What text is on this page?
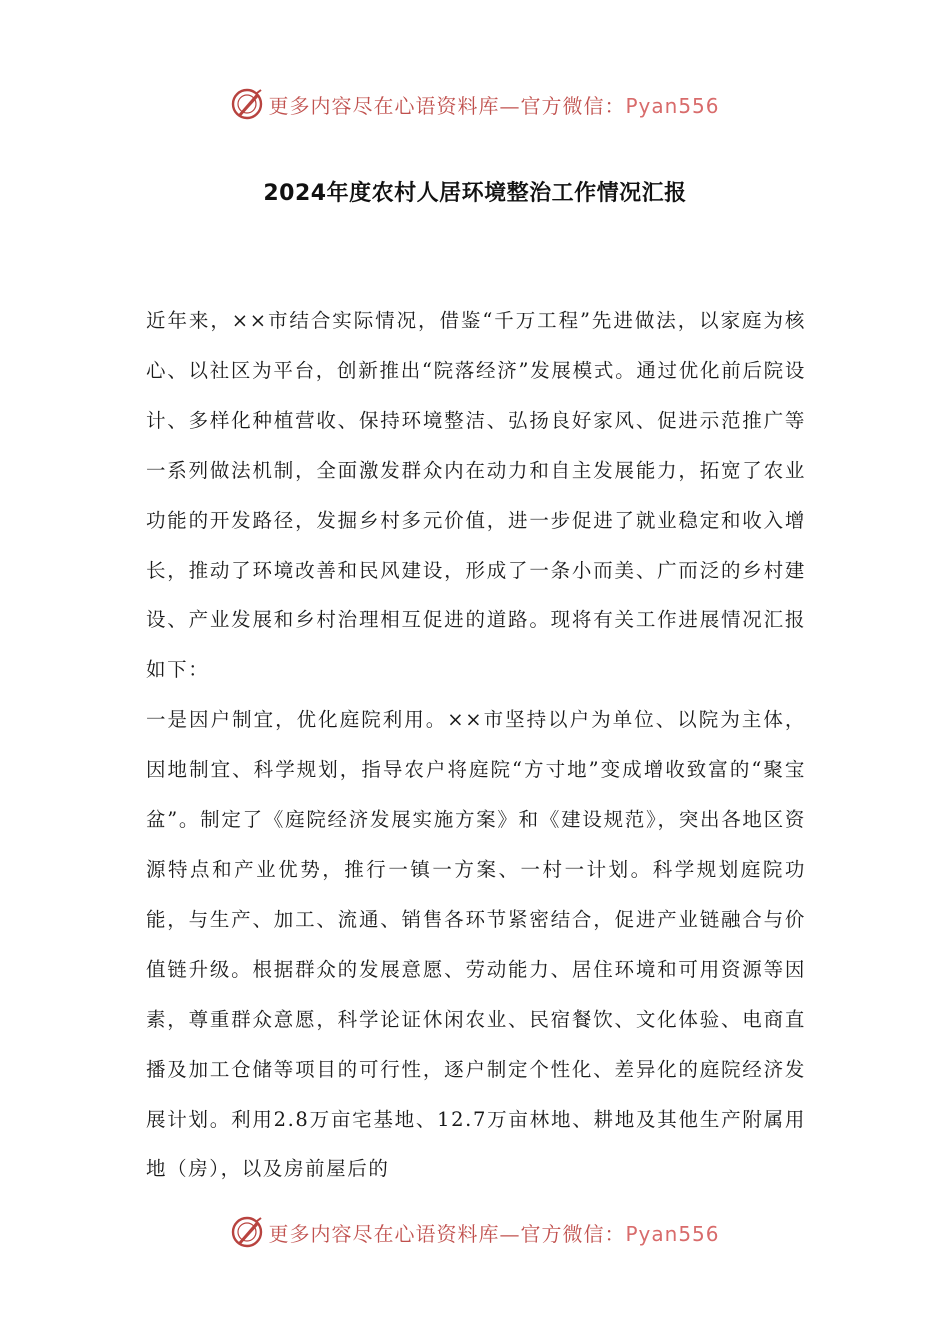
更多内容尽在心语资料库—官方微信：Pyan556
2024年度农村人居环境整治工作情况汇报

近年来，××市结合实际情况，借鉴“千万工程”先进做法，以家庭为核心、以社区为平台，创新推出“院落经济”发展模式。通过优化前后院设计、多样化种植营收、保持环境整洁、弘扬良好家风、促进示范推广等一系列做法机制，全面激发群众内在动力和自主发展能力，拓宽了农业功能的开发路径，发掘乡村多元价值，进一步促进了就业稳定和收入增长，推动了环境改善和民风建设，形成了一条小而美、广而泛的乡村建设、产业发展和乡村治理相互促进的道路。现将有关工作进展情况汇报如下：

一是因户制宜，优化庭院利用。××市坚持以户为单位、以院为主体，因地制宜、科学规划，指导农户将庭院“方寸地”变成增收致富的“聚宝盆”。制定了《庭院经济发展实施方案》和《建设规范》，突出各地区资源特点和产业优势，推行一镇一方案、一村一计划。科学规划庭院功能，与生产、加工、流通、销售各环节紧密结合，促进产业链融合与价值链升级。根据群众的发展意愿、劳动能力、居住环境和可用资源等因素，尊重群众意愿，科学论证休闲农业、民宿餐饮、文化体验、电商直播及加工仓储等项目的可行性，逐户制定个性化、差异化的庭院经济发展计划。利用2.8万亩宅基地、12.7万亩林地、耕地及其他生产附属用地（房），以及房前屋后的

更多内容尽在心语资料库—官方微信：Pyan556
